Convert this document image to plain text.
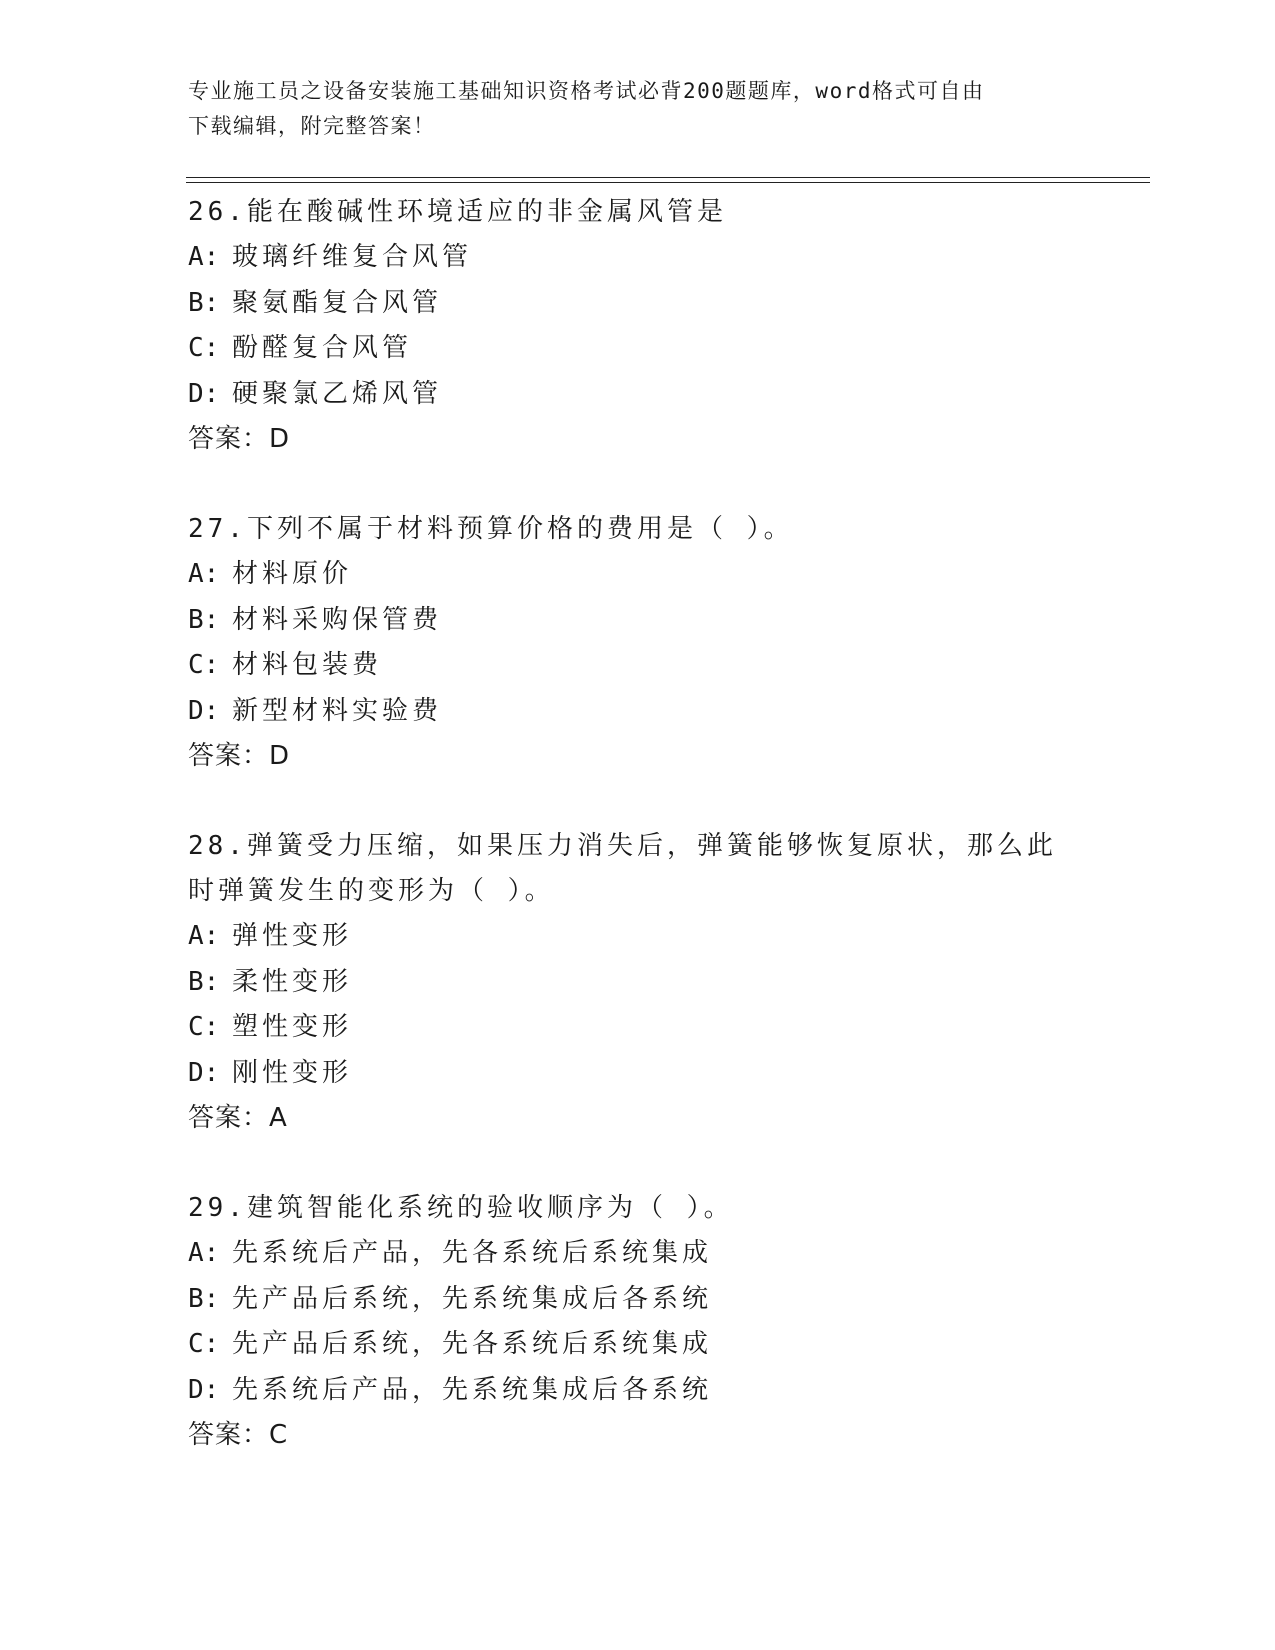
专业施工员之设备安装施工基础知识资格考试必背200题题库，word格式可自由
下载编辑，附完整答案！
26.能在酸碱性环境适应的非金属风管是
A: 玻璃纤维复合风管
B: 聚氨酯复合风管
C: 酚醛复合风管
D: 硬聚氯乙烯风管
答案：D
27.下列不属于材料预算价格的费用是（ ）。
A: 材料原价
B: 材料采购保管费
C: 材料包装费
D: 新型材料实验费
答案：D
28.弹簧受力压缩，如果压力消失后，弹簧能够恢复原状，那么此时弹簧发生的变形为（ ）。
A: 弹性变形
B: 柔性变形
C: 塑性变形
D: 刚性变形
答案：A
29.建筑智能化系统的验收顺序为（ ）。
A: 先系统后产品，先各系统后系统集成
B: 先产品后系统，先系统集成后各系统
C: 先产品后系统，先各系统后系统集成
D: 先系统后产品，先系统集成后各系统
答案：C
